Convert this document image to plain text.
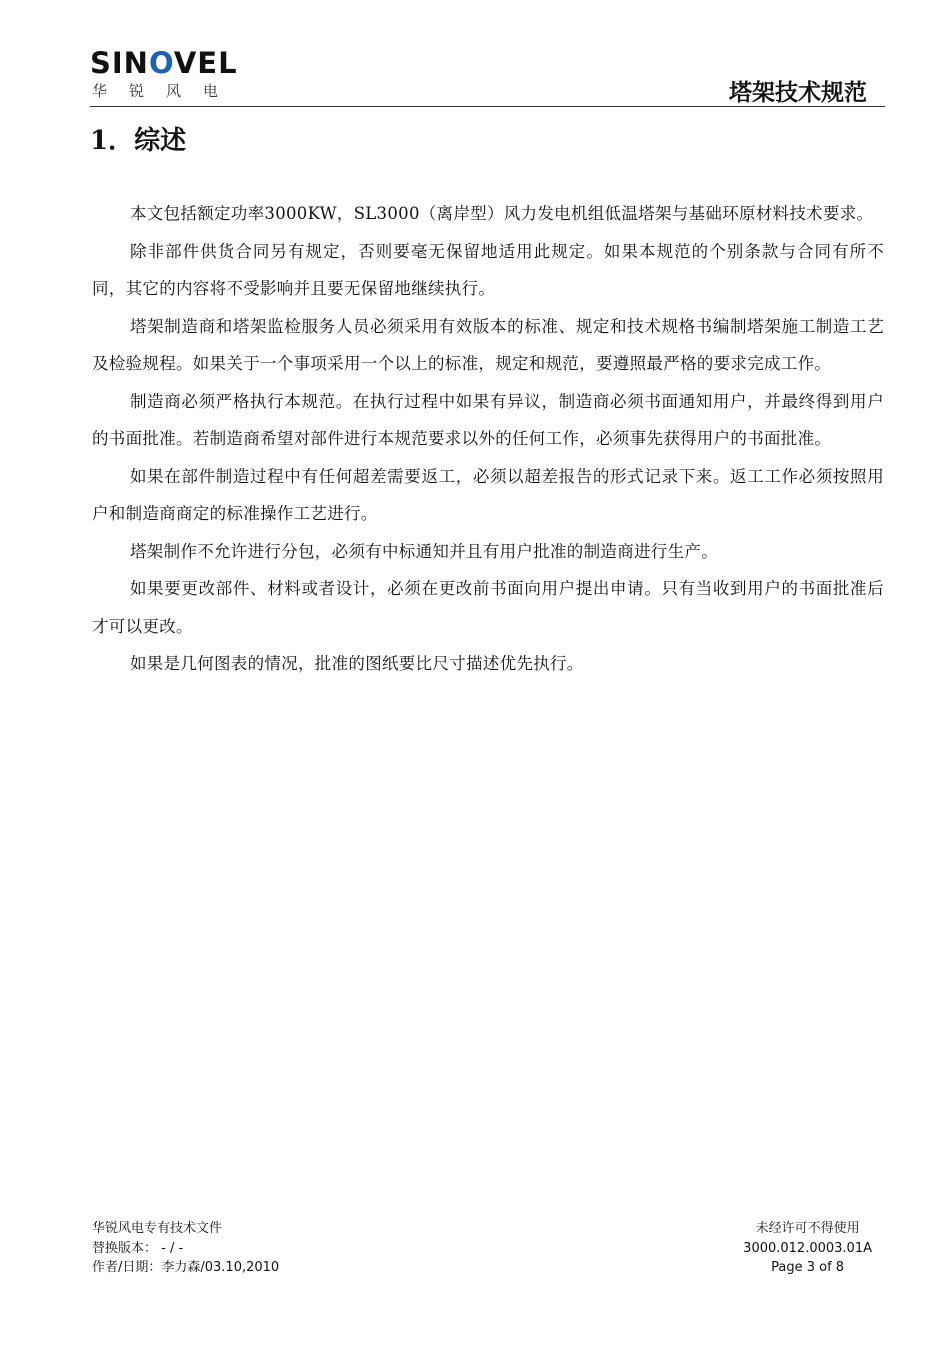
SINOVEL
华锐风电	塔架技术规范
1．综述

本文包括额定功率3000KW，SL3000（离岸型）风力发电机组低温塔架与基础环原材料技术要求。

除非部件供货合同另有规定，否则要毫无保留地适用此规定。如果本规范的个别条款与合同有所不同，其它的内容将不受影响并且要无保留地继续执行。

塔架制造商和塔架监检服务人员必须采用有效版本的标准、规定和技术规格书编制塔架施工制造工艺及检验规程。如果关于一个事项采用一个以上的标准，规定和规范，要遵照最严格的要求完成工作。

制造商必须严格执行本规范。在执行过程中如果有异议，制造商必须书面通知用户，并最终得到用户的书面批准。若制造商希望对部件进行本规范要求以外的任何工作，必须事先获得用户的书面批准。

如果在部件制造过程中有任何超差需要返工，必须以超差报告的形式记录下来。返工工作必须按照用户和制造商商定的标准操作工艺进行。

塔架制作不允许进行分包，必须有中标通知并且有用户批准的制造商进行生产。

如果要更改部件、材料或者设计，必须在更改前书面向用户提出申请。只有当收到用户的书面批准后才可以更改。

如果是几何图表的情况，批准的图纸要比尺寸描述优先执行。

华锐风电专有技术文件
替换版本： - / -
作者/日期：李力森/03.10,2010
未经许可不得使用
3000.012.0003.01A
Page 3 of 8
